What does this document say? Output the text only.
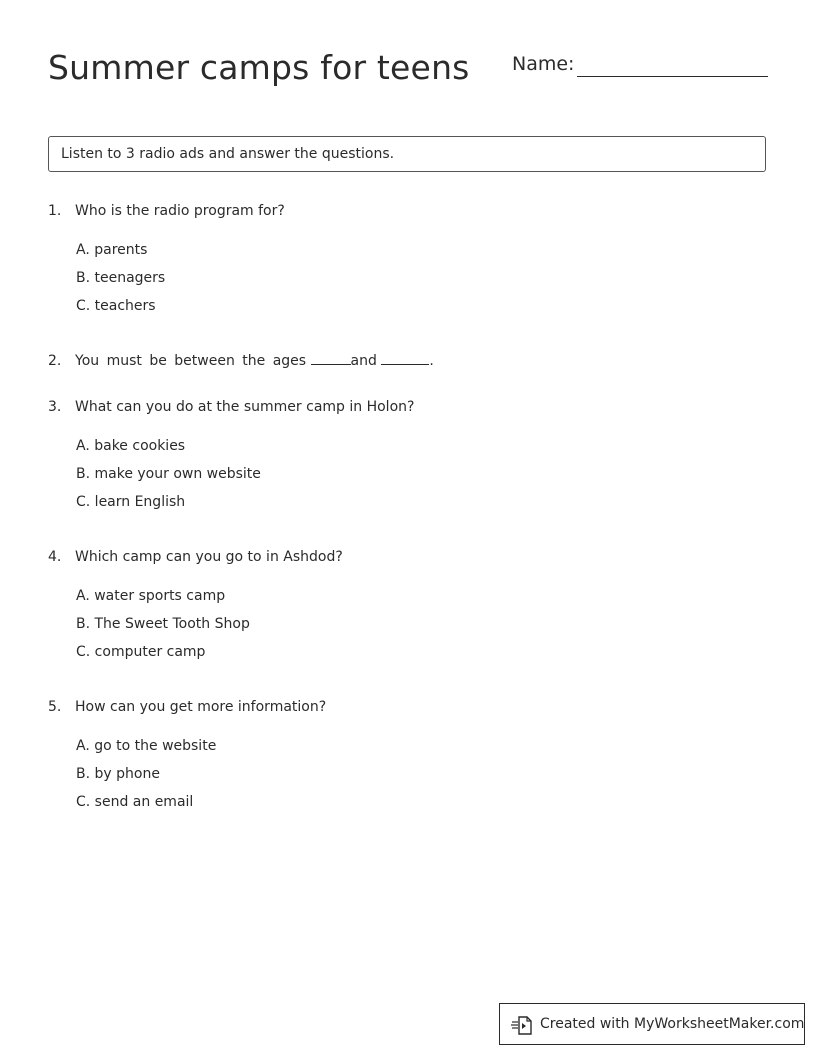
Summer camps for teens Name:
Listen to 3 radio ads and answer the questions.
1. Who is the radio program for?
A. parents
B. teenagers
C. teachers
2. You must be between the ages	and	.
3. What can you do at the summer camp in Holon?
A. bake cookies
B. make your own website
C. learn English
4. Which camp can you go to in Ashdod?
A. water sports camp
B. The Sweet Tooth Shop
C. computer camp
5. How can you get more information?
A. go to the website
B. by phone
C. send an email
Created with MyWorksheetMaker.com
